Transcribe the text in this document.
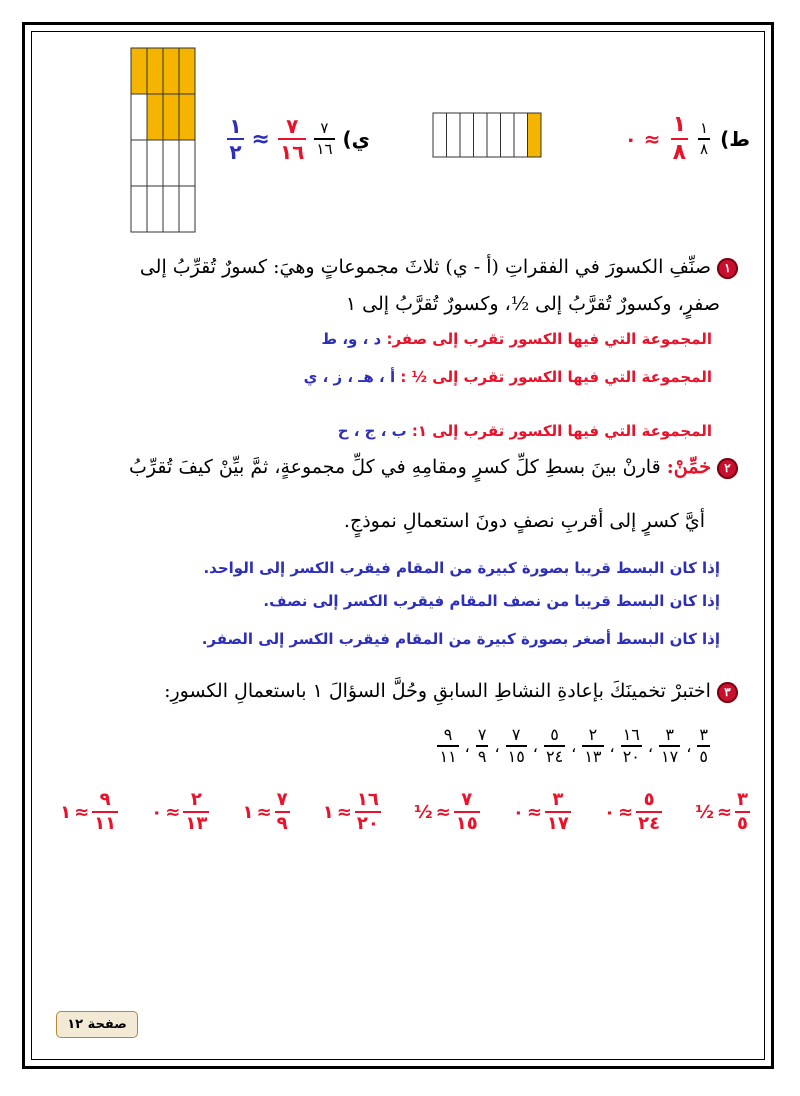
ي)
$\frac{٧}{١٦}$
$\frac{٧}{١٦}$
≈
$\frac{١}{٢}$	ط)
$\frac{١}{٨}$
$\frac{١}{٨}$
٠ ≈
١ صنِّفِ الكسورَ في الفقراتِ (أ - ي) ثلاثَ مجموعاتٍ وهيَ: كسورٌ تُقرِّبُ إلى
صفرٍ، وكسورٌ تُقرَّبُ إلى ½، وكسورٌ تُقرَّبُ إلى ١
المجموعة التي فيها الكسور تقرب إلى صفر: د ، و، ط
المجموعة التي فيها الكسور تقرب إلى ½ : أ ، هـ ، ز ، ي
المجموعة التي فيها الكسور تقرب إلى ١: ب ، ج ، ح
٢ خمِّنْ: قارنْ بينَ بسطِ كلِّ كسرٍ ومقامِهِ في كلِّ مجموعةٍ، ثمَّ بيِّنْ كيفَ تُقرِّبُ
أيَّ كسرٍ إلى أقربِ نصفٍ دونَ استعمالِ نموذجٍ.
إذا كان البسط قريبا بصورة كبيرة من المقام فيقرب الكسر إلى الواحد.
إذا كان البسط قريبا من نصف المقام فيقرب الكسر إلى نصف.
إذا كان البسط أصغر بصورة كبيرة من المقام فيقرب الكسر إلى الصفر.
٣ اختبرْ تخمينَكَ بإعادةِ النشاطِ السابقِ وحُلَّ السؤالَ ١ باستعمالِ الكسورِ:
$\frac{٣}{٥}$
،
$\frac{٣}{١٧}$
،
$\frac{١٦}{٢٠}$
،
$\frac{٢}{١٣}$
،
$\frac{٥}{٢٤}$
،
$\frac{٧}{١٥}$
،
$\frac{٧}{٩}$
،
$\frac{٩}{١١}$
$\frac{٣}{٥}$
≈
½
$\frac{٥}{٢٤}$
≈
٠
$\frac{٣}{١٧}$
≈
٠
$\frac{٧}{١٥}$
≈
½
$\frac{١٦}{٢٠}$
≈
١
$\frac{٧}{٩}$
≈
١
$\frac{٢}{١٣}$
≈
٠
$\frac{٩}{١١}$
≈
١
صفحة ١٢
